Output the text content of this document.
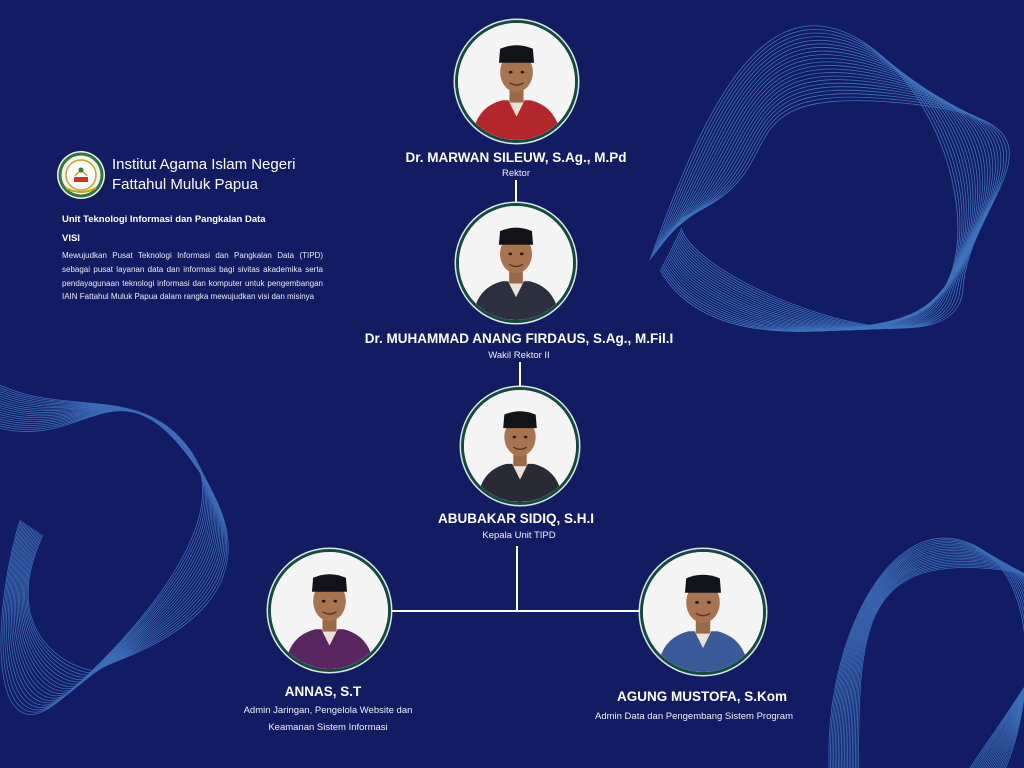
Institut Agama Islam Negeri
Fattahul Muluk Papua
Unit Teknologi Informasi dan Pangkalan Data
VISI
Mewujudkan Pusat Teknologi Informasi dan Pangkalan Data (TIPD) sebagai pusat layanan data dan informasi bagi sivitas akademika serta pendayagunaan teknologi informasi dan komputer untuk pengembangan IAIN Fattahul Muluk Papua dalam rangka mewujudkan visi dan misinya
Dr. MARWAN SILEUW, S.Ag., M.Pd
Rektor
Dr. MUHAMMAD ANANG FIRDAUS, S.Ag., M.Fil.I
Wakil Rektor II
ABUBAKAR SIDIQ, S.H.I
Kepala Unit TIPD
ANNAS, S.T
Admin Jaringan, Pengelola Website dan
Keamanan Sistem Informasi
AGUNG MUSTOFA, S.Kom
Admin Data dan Pengembang Sistem Program
